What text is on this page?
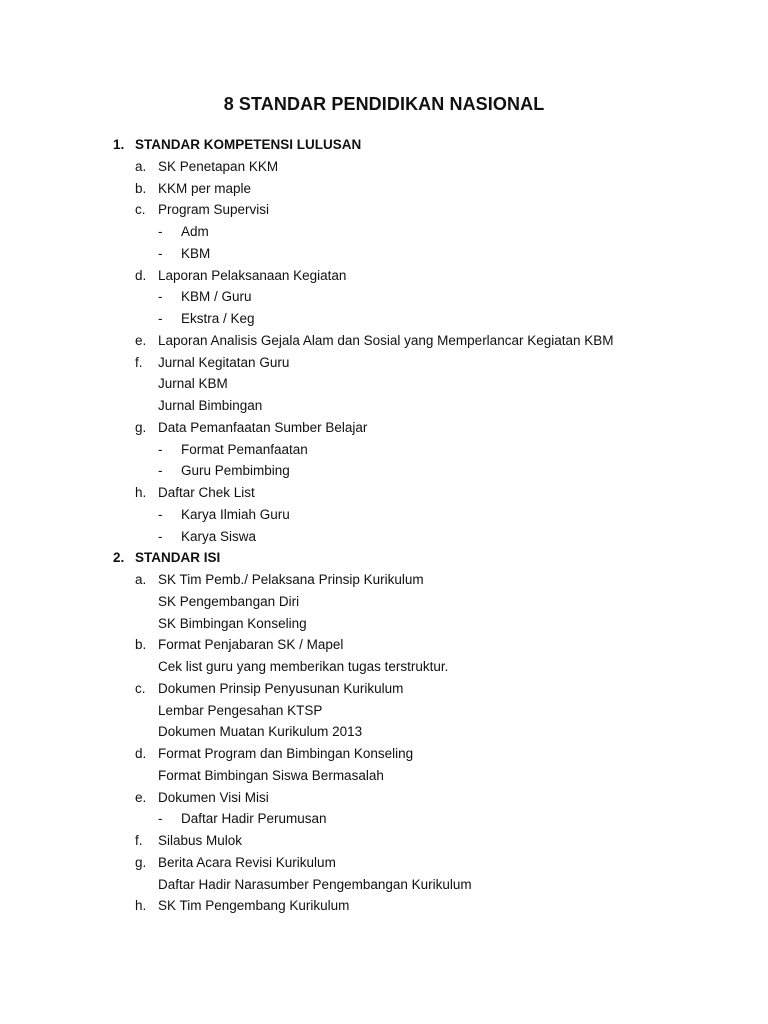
8 STANDAR PENDIDIKAN NASIONAL
1. STANDAR KOMPETENSI LULUSAN
a. SK Penetapan KKM
b. KKM per maple
c. Program Supervisi
- Adm
- KBM
d. Laporan Pelaksanaan Kegiatan
- KBM / Guru
- Ekstra / Keg
e. Laporan Analisis Gejala Alam dan Sosial yang Memperlancar Kegiatan KBM
f. Jurnal Kegitatan Guru
Jurnal KBM
Jurnal Bimbingan
g. Data Pemanfaatan Sumber Belajar
- Format Pemanfaatan
- Guru Pembimbing
h. Daftar Chek List
- Karya Ilmiah Guru
- Karya Siswa
2. STANDAR ISI
a. SK Tim Pemb./ Pelaksana Prinsip Kurikulum
SK Pengembangan Diri
SK Bimbingan Konseling
b. Format Penjabaran SK / Mapel
Cek list guru yang memberikan tugas terstruktur.
c. Dokumen Prinsip Penyusunan Kurikulum
Lembar Pengesahan KTSP
Dokumen Muatan Kurikulum 2013
d. Format Program dan Bimbingan Konseling
Format Bimbingan Siswa Bermasalah
e. Dokumen Visi Misi
- Daftar Hadir Perumusan
f. Silabus Mulok
g. Berita Acara Revisi Kurikulum
Daftar Hadir Narasumber Pengembangan Kurikulum
h. SK Tim Pengembang Kurikulum
